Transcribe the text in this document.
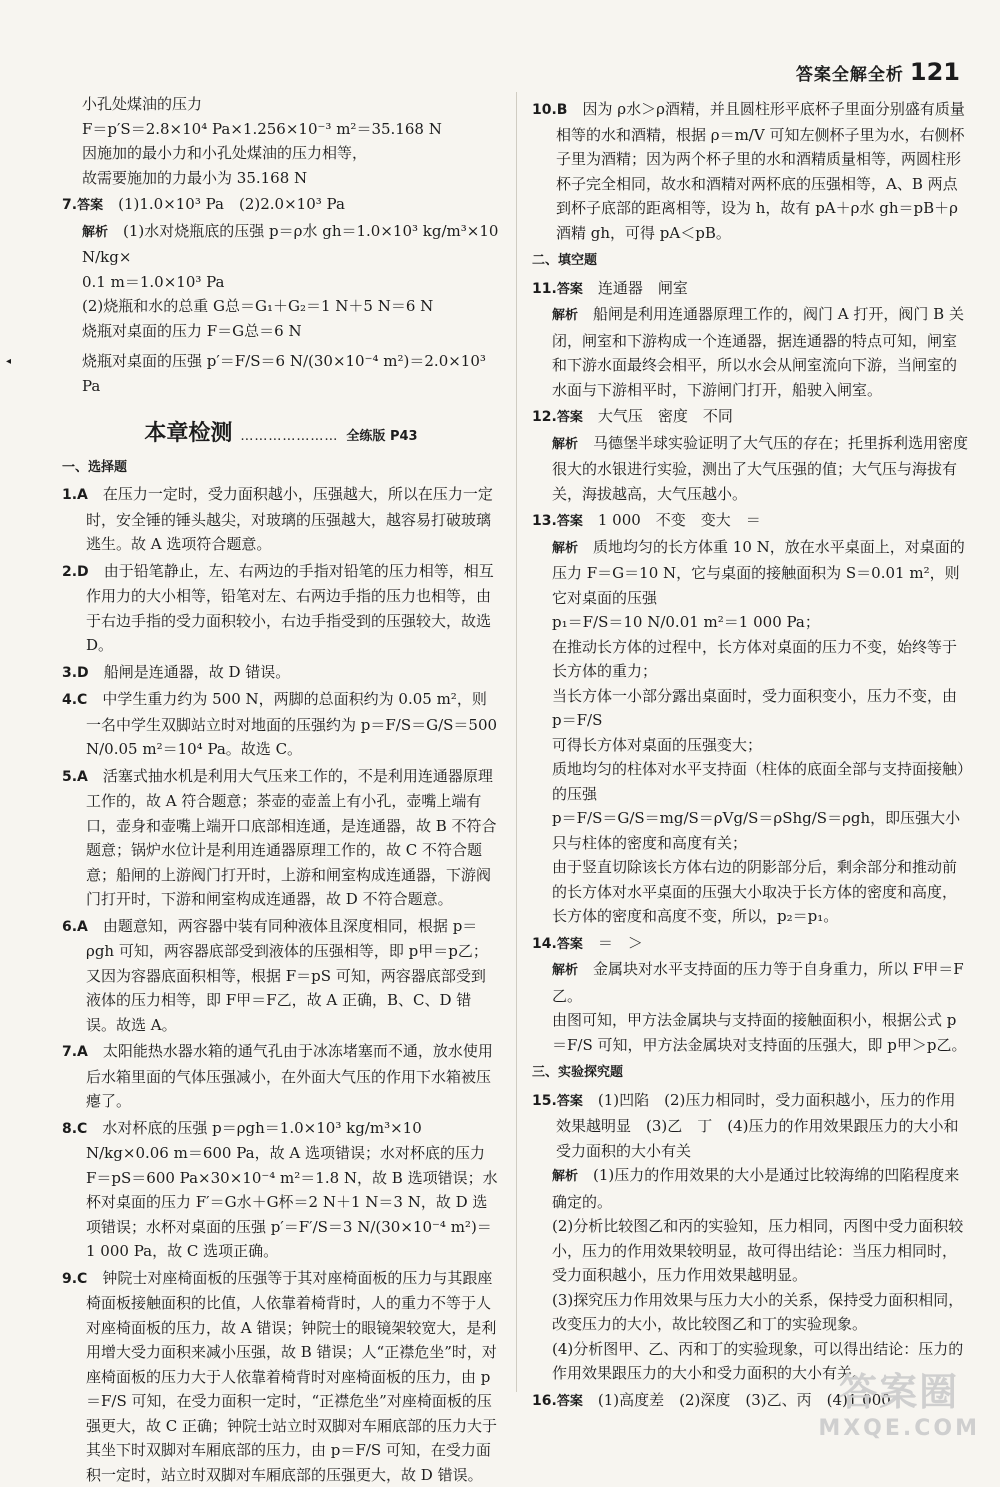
答案全解全析 121
◂

小孔处煤油的压力

F＝p′S＝2.8×10⁴ Pa×1.256×10⁻³ m²＝35.168 N

因施加的最小力和小孔处煤油的压力相等，

故需要施加的力最小为 35.168 N

7.答案　 (1)1.0×10³ Pa　(2)2.0×10³ Pa

解析　 (1)水对烧瓶底的压强 p＝ρ水 gh＝1.0×10³ kg/m³×10 N/kg×

0.1 m＝1.0×10³ Pa

(2)烧瓶和水的总重 G总＝G₁＋G₂＝1 N＋5 N＝6 N

烧瓶对桌面的压力 F＝G总＝6 N

烧瓶对桌面的压强 p′＝F/S＝6 N/(30×10⁻⁴ m²)＝2.0×10³ Pa

本章检测 ………………… 全练版 P43

一、选择题

1.A　 在压力一定时，受力面积越小，压强越大，所以在压力一定时，安全锤的锤头越尖，对玻璃的压强越大，越容易打破玻璃逃生。故 A 选项符合题意。

2.D　 由于铅笔静止，左、右两边的手指对铅笔的压力相等，相互作用力的大小相等，铅笔对左、右两边手指的压力也相等，由于右边手指的受力面积较小，右边手指受到的压强较大，故选 D。

3.D　 船闸是连通器，故 D 错误。

4.C　 中学生重力约为 500 N，两脚的总面积约为 0.05 m²，则一名中学生双脚站立时对地面的压强约为 p＝F/S＝G/S＝500 N/0.05 m²＝10⁴ Pa。故选 C。

5.A　 活塞式抽水机是利用大气压来工作的，不是利用连通器原理工作的，故 A 符合题意；茶壶的壶盖上有小孔，壶嘴上端有口，壶身和壶嘴上端开口底部相连通，是连通器，故 B 不符合题意；锅炉水位计是利用连通器原理工作的，故 C 不符合题意；船闸的上游阀门打开时，上游和闸室构成连通器，下游阀门打开时，下游和闸室构成连通器，故 D 不符合题意。

6.A　 由题意知，两容器中装有同种液体且深度相同，根据 p＝ρgh 可知，两容器底部受到液体的压强相等，即 p甲＝p乙；又因为容器底面积相等，根据 F＝pS 可知，两容器底部受到液体的压力相等，即 F甲＝F乙，故 A 正确，B、C、D 错误。故选 A。

7.A　 太阳能热水器水箱的通气孔由于冰冻堵塞而不通，放水使用后水箱里面的气体压强减小，在外面大气压的作用下水箱被压瘪了。

8.C　 水对杯底的压强 p＝ρgh＝1.0×10³ kg/m³×10 N/kg×0.06 m＝600 Pa，故 A 选项错误；水对杯底的压力 F＝pS＝600 Pa×30×10⁻⁴ m²＝1.8 N，故 B 选项错误；水杯对桌面的压力 F′＝G水＋G杯＝2 N＋1 N＝3 N，故 D 选项错误；水杯对桌面的压强 p′＝F′/S＝3 N/(30×10⁻⁴ m²)＝1 000 Pa，故 C 选项正确。

9.C　 钟院士对座椅面板的压强等于其对座椅面板的压力与其跟座椅面板接触面积的比值，人依靠着椅背时，人的重力不等于人对座椅面板的压力，故 A 错误；钟院士的眼镜架较宽大，是利用增大受力面积来减小压强，故 B 错误；人“正襟危坐”时，对座椅面板的压力大于人依靠着椅背时对座椅面板的压力，由 p＝F/S 可知，在受力面积一定时，“正襟危坐”对座椅面板的压强更大，故 C 正确；钟院士站立时双脚对车厢底部的压力大于其坐下时双脚对车厢底部的压力，由 p＝F/S 可知，在受力面积一定时，站立时双脚对车厢底部的压强更大，故 D 错误。

10.B　 因为 ρ水＞ρ酒精，并且圆柱形平底杯子里面分别盛有质量相等的水和酒精，根据 ρ＝m/V 可知左侧杯子里为水，右侧杯子里为酒精；因为两个杯子里的水和酒精质量相等，两圆柱形杯子完全相同，故水和酒精对两杯底的压强相等，A、B 两点到杯子底部的距离相等，设为 h，故有 pA＋ρ水 gh＝pB＋ρ酒精 gh，可得 pA＜pB。

二、填空题

11.答案　 连通器　闸室

解析　 船闸是利用连通器原理工作的，阀门 A 打开，阀门 B 关闭，闸室和下游构成一个连通器，据连通器的特点可知，闸室和下游水面最终会相平，所以水会从闸室流向下游，当闸室的水面与下游相平时，下游闸门打开，船驶入闸室。

12.答案　 大气压　密度　不同

解析　 马德堡半球实验证明了大气压的存在；托里拆利选用密度很大的水银进行实验，测出了大气压强的值；大气压与海拔有关，海拔越高，大气压越小。

13.答案　 1 000　不变　变大　＝

解析　 质地均匀的长方体重 10 N，放在水平桌面上，对桌面的压力 F＝G＝10 N，它与桌面的接触面积为 S＝0.01 m²，则它对桌面的压强

p₁＝F/S＝10 N/0.01 m²＝1 000 Pa；

在推动长方体的过程中，长方体对桌面的压力不变，始终等于长方体的重力；

当长方体一小部分露出桌面时，受力面积变小，压力不变，由 p＝F/S

可得长方体对桌面的压强变大；

质地均匀的柱体对水平支持面（柱体的底面全部与支持面接触）的压强

p＝F/S＝G/S＝mg/S＝ρVg/S＝ρShg/S＝ρgh，即压强大小只与柱体的密度和高度有关；

由于竖直切除该长方体右边的阴影部分后，剩余部分和推动前的长方体对水平桌面的压强大小取决于长方体的密度和高度，长方体的密度和高度不变，所以，p₂＝p₁。

14.答案　 ＝　＞

解析　 金属块对水平支持面的压力等于自身重力，所以 F甲＝F乙。

由图可知，甲方法金属块与支持面的接触面积小，根据公式 p＝F/S 可知，甲方法金属块对支持面的压强大，即 p甲＞p乙。

三、实验探究题

15.答案　 (1)凹陷　(2)压力相同时，受力面积越小，压力的作用效果越明显　(3)乙　丁　(4)压力的作用效果跟压力的大小和受力面积的大小有关

解析　 (1)压力的作用效果的大小是通过比较海绵的凹陷程度来确定的。

(2)分析比较图乙和丙的实验知，压力相同，丙图中受力面积较小，压力的作用效果较明显，故可得出结论：当压力相同时，受力面积越小，压力作用效果越明显。

(3)探究压力作用效果与压力大小的关系，保持受力面积相同，改变压力的大小，故比较图乙和丁的实验现象。

(4)分析图甲、乙、丙和丁的实验现象，可以得出结论：压力的作用效果跟压力的大小和受力面积的大小有关。

16.答案　 (1)高度差　(2)深度　(3)乙、丙　(4)1 000

答案圈
MXQE.COM
